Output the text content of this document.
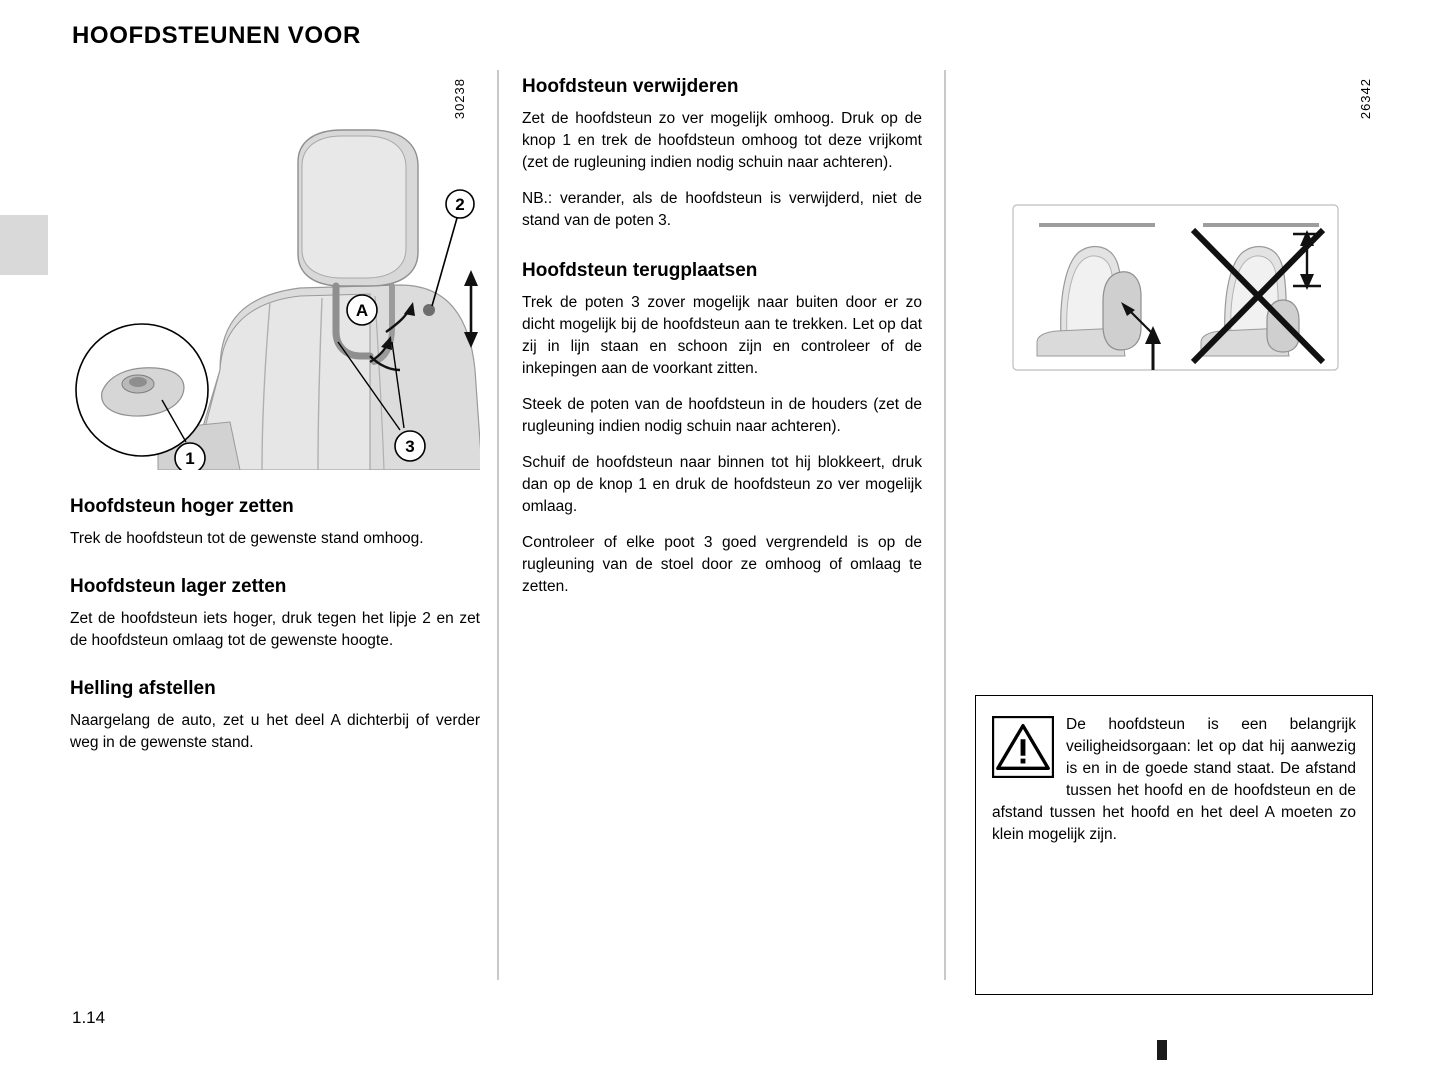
HOOFDSTEUNEN VOOR
30238
2
A
3
1
Hoofdsteun hoger zetten

Trek de hoofdsteun tot de gewenste stand omhoog.

Hoofdsteun lager zetten

Zet de hoofdsteun iets hoger, druk tegen het lipje 2 en zet de hoofdsteun omlaag tot de gewenste hoogte.

Helling afstellen

Naargelang de auto, zet u het deel A dichterbij of verder weg in de gewenste stand.

Hoofdsteun verwijderen

Zet de hoofdsteun zo ver mogelijk omhoog. Druk op de knop 1 en trek de hoofdsteun omhoog tot deze vrijkomt (zet de rugleuning indien nodig schuin naar achteren).

NB.: verander, als de hoofdsteun is verwijderd, niet de stand van de poten 3.

Hoofdsteun terugplaatsen

Trek de poten 3 zover mogelijk naar buiten door er zo dicht mogelijk bij de hoofdsteun aan te trekken. Let op dat zij in lijn staan en schoon zijn en controleer of de inkepingen aan de voorkant zitten.

Steek de poten van de hoofdsteun in de houders (zet de rugleuning indien nodig schuin naar achteren).

Schuif de hoofdsteun naar binnen tot hij blokkeert, druk dan op de knop 1 en druk de hoofdsteun zo ver mogelijk omlaag.

Controleer of elke poot 3 goed vergrendeld is op de rugleuning van de stoel door ze omhoog of omlaag te zetten.

26342
De hoofdsteun is een belangrijk veiligheidsorgaan: let op dat hij aanwezig is en in de goede stand staat. De afstand tussen het hoofd en de hoofdsteun en de afstand tussen het hoofd en het deel A moeten zo klein mogelijk zijn.
1.14
